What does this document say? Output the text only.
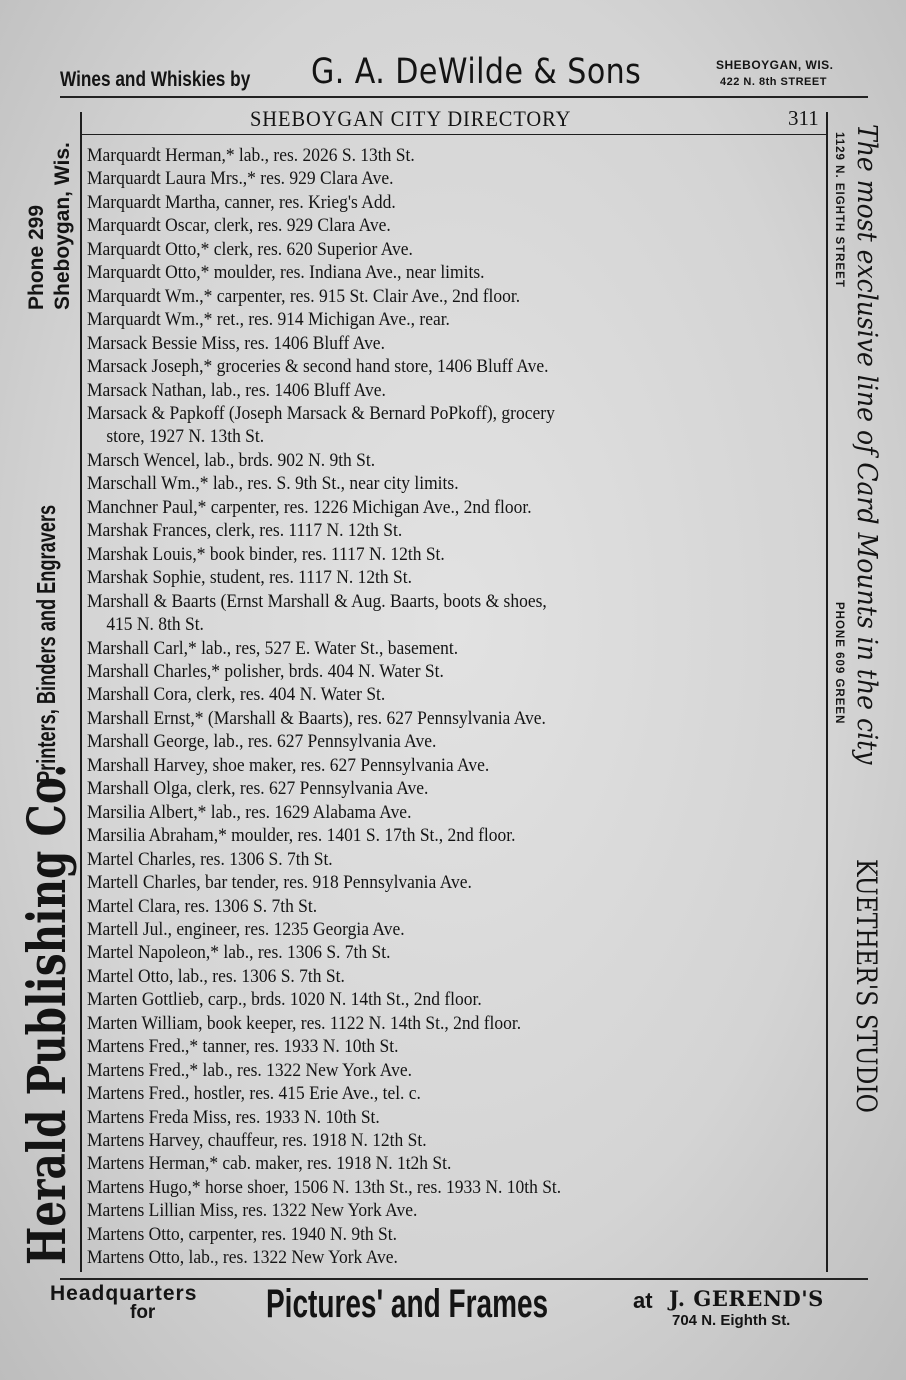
Wines and Whiskies by G. A. DeWilde & Sons	SHEBOYGAN, WIS.
422 N. 8th STREET
Herald Publishing Co.
Printers, Binders and Engravers
Phone 299 Sheboygan, Wis.	The most exclusive line of Card Mounts in the city
KUETHER'S STUDIO
1129 N. EIGHTH STREET
PHONE 609 GREEN
SHEBOYGAN CITY DIRECTORY	311
Marquardt Herman,* lab., res. 2026 S. 13th St.
Marquardt Laura Mrs.,* res. 929 Clara Ave.
Marquardt Martha, canner, res. Krieg's Add.
Marquardt Oscar, clerk, res. 929 Clara Ave.
Marquardt Otto,* clerk, res. 620 Superior Ave.
Marquardt Otto,* moulder, res. Indiana Ave., near limits.
Marquardt Wm.,* carpenter, res. 915 St. Clair Ave., 2nd floor.
Marquardt Wm.,* ret., res. 914 Michigan Ave., rear.
Marsack Bessie Miss, res. 1406 Bluff Ave.
Marsack Joseph,* groceries & second hand store, 1406 Bluff Ave.
Marsack Nathan, lab., res. 1406 Bluff Ave.
Marsack & Papkoff (Joseph Marsack & Bernard PoPkoff), grocery
store, 1927 N. 13th St.
Marsch Wencel, lab., brds. 902 N. 9th St.
Marschall Wm.,* lab., res. S. 9th St., near city limits.
Manchner Paul,* carpenter, res. 1226 Michigan Ave., 2nd floor.
Marshak Frances, clerk, res. 1117 N. 12th St.
Marshak Louis,* book binder, res. 1117 N. 12th St.
Marshak Sophie, student, res. 1117 N. 12th St.
Marshall & Baarts (Ernst Marshall & Aug. Baarts, boots & shoes,
415 N. 8th St.
Marshall Carl,* lab., res, 527 E. Water St., basement.
Marshall Charles,* polisher, brds. 404 N. Water St.
Marshall Cora, clerk, res. 404 N. Water St.
Marshall Ernst,* (Marshall & Baarts), res. 627 Pennsylvania Ave.
Marshall George, lab., res. 627 Pennsylvania Ave.
Marshall Harvey, shoe maker, res. 627 Pennsylvania Ave.
Marshall Olga, clerk, res. 627 Pennsylvania Ave.
Marsilia Albert,* lab., res. 1629 Alabama Ave.
Marsilia Abraham,* moulder, res. 1401 S. 17th St., 2nd floor.
Martel Charles, res. 1306 S. 7th St.
Martell Charles, bar tender, res. 918 Pennsylvania Ave.
Martel Clara, res. 1306 S. 7th St.
Martell Jul., engineer, res. 1235 Georgia Ave.
Martel Napoleon,* lab., res. 1306 S. 7th St.
Martel Otto, lab., res. 1306 S. 7th St.
Marten Gottlieb, carp., brds. 1020 N. 14th St., 2nd floor.
Marten William, book keeper, res. 1122 N. 14th St., 2nd floor.
Martens Fred.,* tanner, res. 1933 N. 10th St.
Martens Fred.,* lab., res. 1322 New York Ave.
Martens Fred., hostler, res. 415 Erie Ave., tel. c.
Martens Freda Miss, res. 1933 N. 10th St.
Martens Harvey, chauffeur, res. 1918 N. 12th St.
Martens Herman,* cab. maker, res. 1918 N. 1t2h St.
Martens Hugo,* horse shoer, 1506 N. 13th St., res. 1933 N. 10th St.
Martens Lillian Miss, res. 1322 New York Ave.
Martens Otto, carpenter, res. 1940 N. 9th St.
Martens Otto, lab., res. 1322 New York Ave.
Headquarters
for	Pictures' and Frames	at J. GEREND'S
704 N. Eighth St.
